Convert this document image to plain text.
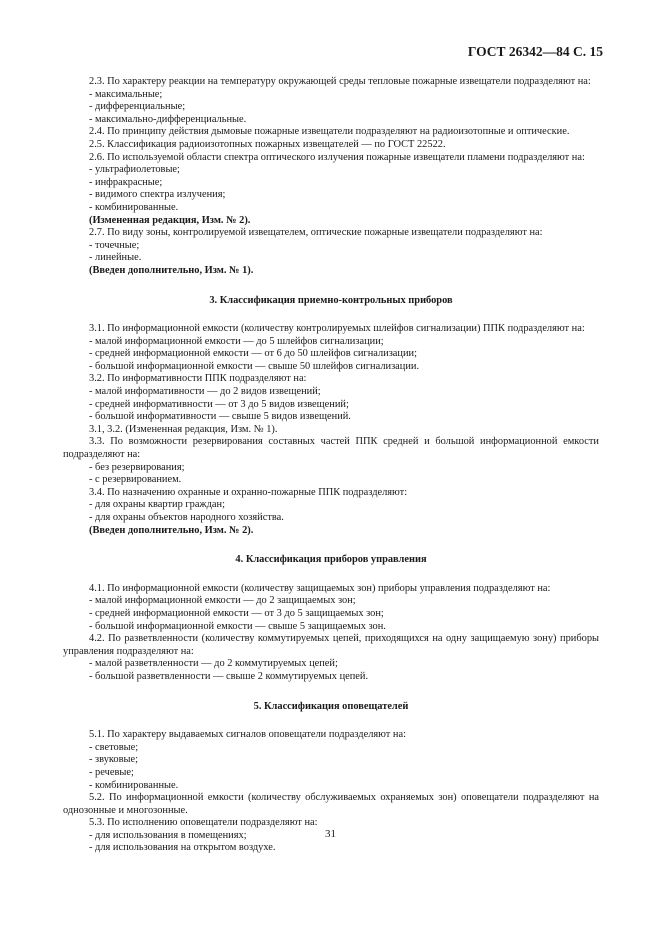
ГОСТ 26342—84 С. 15
2.3. По характеру реакции на температуру окружающей среды тепловые пожарные извещатели подразделяют на:
- максимальные;
- дифференциальные;
- максимально-дифференциальные.
2.4. По принципу действия дымовые пожарные извещатели подразделяют на радиоизотопные и оптические.
2.5. Классификация радиоизотопных пожарных извещателей — по ГОСТ 22522.
2.6. По используемой области спектра оптического излучения пожарные извещатели пламени подразделяют на:
- ультрафиолетовые;
- инфракрасные;
- видимого спектра излучения;
- комбинированные.
(Измененная редакция, Изм. № 2).
2.7. По виду зоны, контролируемой извещателем, оптические пожарные извещатели подразделяют на:
- точечные;
- линейные.
(Введен дополнительно, Изм. № 1).
3. Классификация приемно-контрольных приборов
3.1. По информационной емкости (количеству контролируемых шлейфов сигнализации) ППК подразделяют на:
- малой информационной емкости — до 5 шлейфов сигнализации;
- средней информационной емкости — от 6 до 50 шлейфов сигнализации;
- большой информационной емкости — свыше 50 шлейфов сигнализации.
3.2. По информативности ППК подразделяют на:
- малой информативности — до 2 видов извещений;
- средней информативности — от 3 до 5 видов извещений;
- большой информативности — свыше 5 видов извещений.
3.1, 3.2. (Измененная редакция, Изм. № 1).
3.3. По возможности резервирования составных частей ППК средней и большой информационной емкости подразделяют на:
- без резервирования;
- с резервированием.
3.4. По назначению охранные и охранно-пожарные ППК подразделяют:
- для охраны квартир граждан;
- для охраны объектов народного хозяйства.
(Введен дополнительно, Изм. № 2).
4. Классификация приборов управления
4.1. По информационной емкости (количеству защищаемых зон) приборы управления подразделяют на:
- малой информационной емкости — до 2 защищаемых зон;
- средней информационной емкости — от 3 до 5 защищаемых зон;
- большой информационной емкости — свыше 5 защищаемых зон.
4.2. По разветвленности (количеству коммутируемых цепей, приходящихся на одну защищаемую зону) приборы управления подразделяют на:
- малой разветвленности — до 2 коммутируемых цепей;
- большой разветвленности — свыше 2 коммутируемых цепей.
5. Классификация оповещателей
5.1. По характеру выдаваемых сигналов оповещатели подразделяют на:
- световые;
- звуковые;
- речевые;
- комбинированные.
5.2. По информационной емкости (количеству обслуживаемых охраняемых зон) оповещатели подразделяют на однозонные и многозонные.
5.3. По исполнению оповещатели подразделяют на:
- для использования в помещениях;
- для использования на открытом воздухе.
31
